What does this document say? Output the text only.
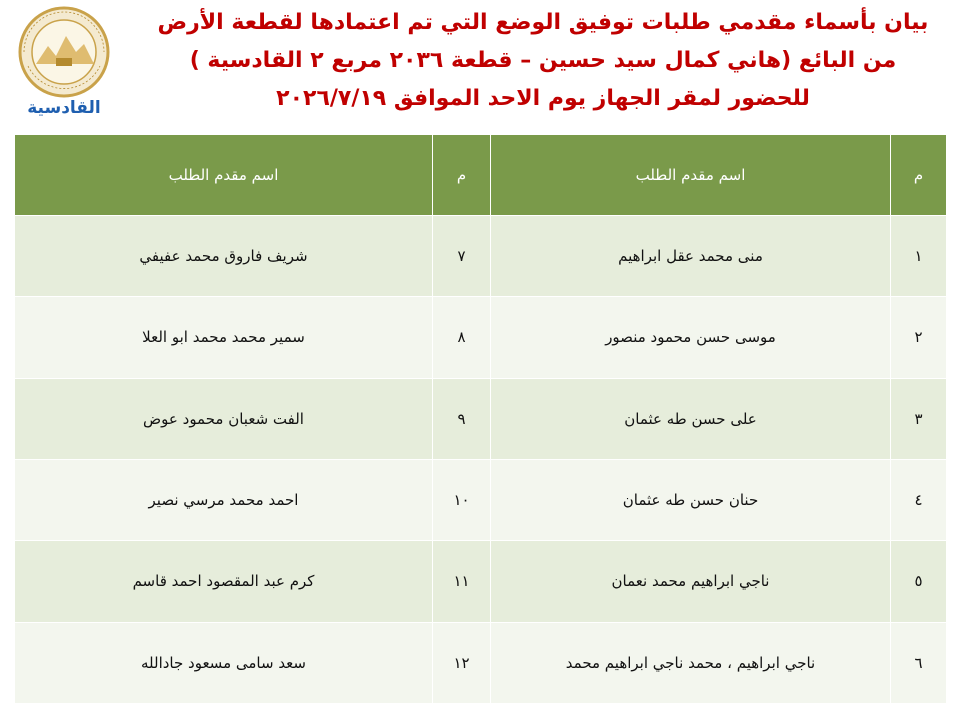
القادسية
بيان بأسماء مقدمي طلبات توفيق الوضع التي تم اعتمادها لقطعة الأرض
من البائع (هاني كمال سيد حسين – قطعة ٢٠٣٦ مربع ٢ القادسية )
للحضور لمقر الجهاز يوم الاحد الموافق ٢٠٢٦/٧/١٩
م	اسم مقدم الطلب	م	اسم مقدم الطلب
١	منى محمد عقل ابراهيم	٧	شريف فاروق محمد عفيفي
٢	موسى حسن محمود منصور	٨	سمير محمد محمد ابو العلا
٣	على حسن طه عثمان	٩	الفت شعبان محمود عوض
٤	حنان حسن طه عثمان	١٠	احمد محمد مرسي نصير
٥	ناجي ابراهيم محمد نعمان	١١	كرم عبد المقصود احمد قاسم
٦	ناجي ابراهيم ، محمد ناجي ابراهيم محمد	١٢	سعد سامى مسعود جادالله
